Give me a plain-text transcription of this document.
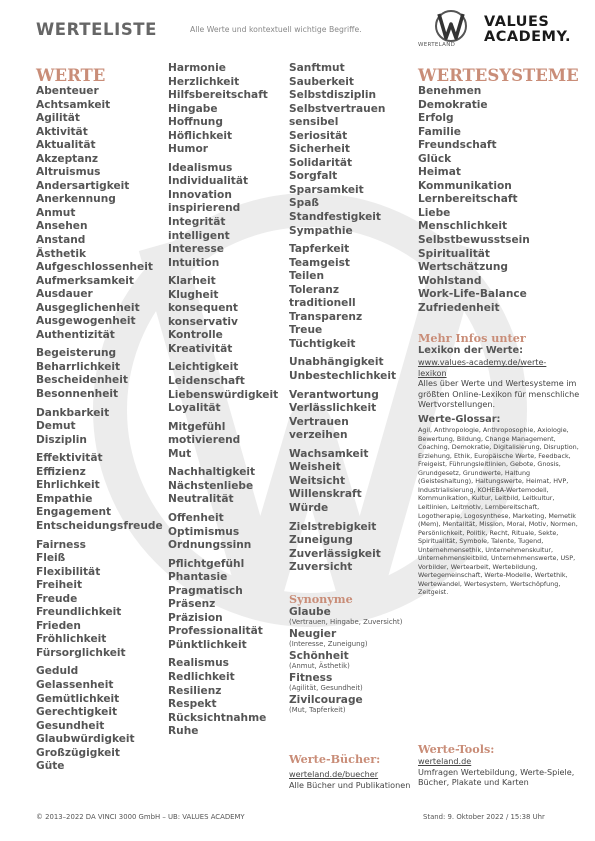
WERTELISTE	Alle Werte und kontextuell wichtige Begriffe.
WERTELAND
VALUES
ACADEMY.
WERTE
Abenteuer
Achtsamkeit
Agilität
Aktivität
Aktualität
Akzeptanz
Altruismus
Andersartigkeit
Anerkennung
Anmut
Ansehen
Anstand
Ästhetik
Aufgeschlossenheit
Aufmerksamkeit
Ausdauer
Ausgeglichenheit
Ausgewogenheit
Authentizität
Begeisterung
Beharrlichkeit
Bescheidenheit
Besonnenheit
Dankbarkeit
Demut
Disziplin
Effektivität
Effizienz
Ehrlichkeit
Empathie
Engagement
Entscheidungsfreude
Fairness
Fleiß
Flexibilität
Freiheit
Freude
Freundlichkeit
Frieden
Fröhlichkeit
Fürsorglichkeit
Geduld
Gelassenheit
Gemütlichkeit
Gerechtigkeit
Gesundheit
Glaubwürdigkeit
Großzügigkeit
Güte
Harmonie
Herzlichkeit
Hilfsbereitschaft
Hingabe
Hoffnung
Höflichkeit
Humor
Idealismus
Individualität
Innovation
inspirierend
Integrität
intelligent
Interesse
Intuition
Klarheit
Klugheit
konsequent
konservativ
Kontrolle
Kreativität
Leichtigkeit
Leidenschaft
Liebenswürdigkeit
Loyalität
Mitgefühl
motivierend
Mut
Nachhaltigkeit
Nächstenliebe
Neutralität
Offenheit
Optimismus
Ordnungssinn
Pflichtgefühl
Phantasie
Pragmatisch
Präsenz
Präzision
Professionalität
Pünktlichkeit
Realismus
Redlichkeit
Resilienz
Respekt
Rücksichtnahme
Ruhe
Sanftmut
Sauberkeit
Selbstdisziplin
Selbstvertrauen
sensibel
Seriosität
Sicherheit
Solidarität
Sorgfalt
Sparsamkeit
Spaß
Standfestigkeit
Sympathie
Tapferkeit
Teamgeist
Teilen
Toleranz
traditionell
Transparenz
Treue
Tüchtigkeit
Unabhängigkeit
Unbestechlichkeit
Verantwortung
Verlässlichkeit
Vertrauen
verzeihen
Wachsamkeit
Weisheit
Weitsicht
Willenskraft
Würde
Zielstrebigkeit
Zuneigung
Zuverlässigkeit
Zuversicht
Synonyme
Glaube
(Vertrauen, Hingabe, Zuversicht)
Neugier
(Interesse, Zuneigung)
Schönheit
(Anmut, Ästhetik)
Fitness
(Agilität, Gesundheit)
Zivilcourage
(Mut, Tapferkeit)
Werte-Bücher:
werteland.de/buecher
Alle Bücher und Publikationen
WERTESYSTEME
Benehmen
Demokratie
Erfolg
Familie
Freundschaft
Glück
Heimat
Kommunikation
Lernbereitschaft
Liebe
Menschlichkeit
Selbstbewusstsein
Spiritualität
Wertschätzung
Wohlstand
Work-Life-Balance
Zufriedenheit
Mehr Infos unter
Lexikon der Werte:
www.values-academy.de/werte-lexikon
Alles über Werte und Wertesysteme im größten Online-Lexikon für menschliche Wertvorstellungen.
Werte-Glossar:
Agil, Anthropologie, Anthroposophie, Axiologie, Bewertung, Bildung, Change Management, Coaching, Demokratie, Digitalisierung, Disruption, Erziehung, Ethik, Europäische Werte, Feedback, Freigeist, Führungsleitlinien, Gebote, Gnosis, Grundgesetz, Grundwerte, Haltung (Geisteshaltung), Haltungswerte, Heimat, HVP, Industrialisierung, KOHEBA-Wertemodell, Kommunikation, Kultur, Leitbild, Leitkultur, Leitlinien, Leitmotiv, Lernbereitschaft, Logotherapie, Logosynthese, Marketing, Memetik (Mem), Mentalität, Mission, Moral, Motiv, Normen, Persönlichkeit, Politik, Recht, Rituale, Sekte, Spiritualität, Symbole, Talente, Tugend, Unternehmensethik, Unternehmenskultur, Unternehmensleitbild, Unternehmenswerte, USP, Vorbilder, Wertearbeit, Wertebildung, Wertegemeinschaft, Werte-Modelle, Wertethik, Wertewandel, Wertesystem, Wertschöpfung, Zeitgeist.
Werte-Tools:
werteland.de
Umfragen Wertebildung, Werte-Spiele, Bücher, Plakate und Karten
© 2013–2022 DA VINCI 3000 GmbH – UB: VALUES ACADEMY	Stand: 9. Oktober 2022 / 15:38 Uhr
